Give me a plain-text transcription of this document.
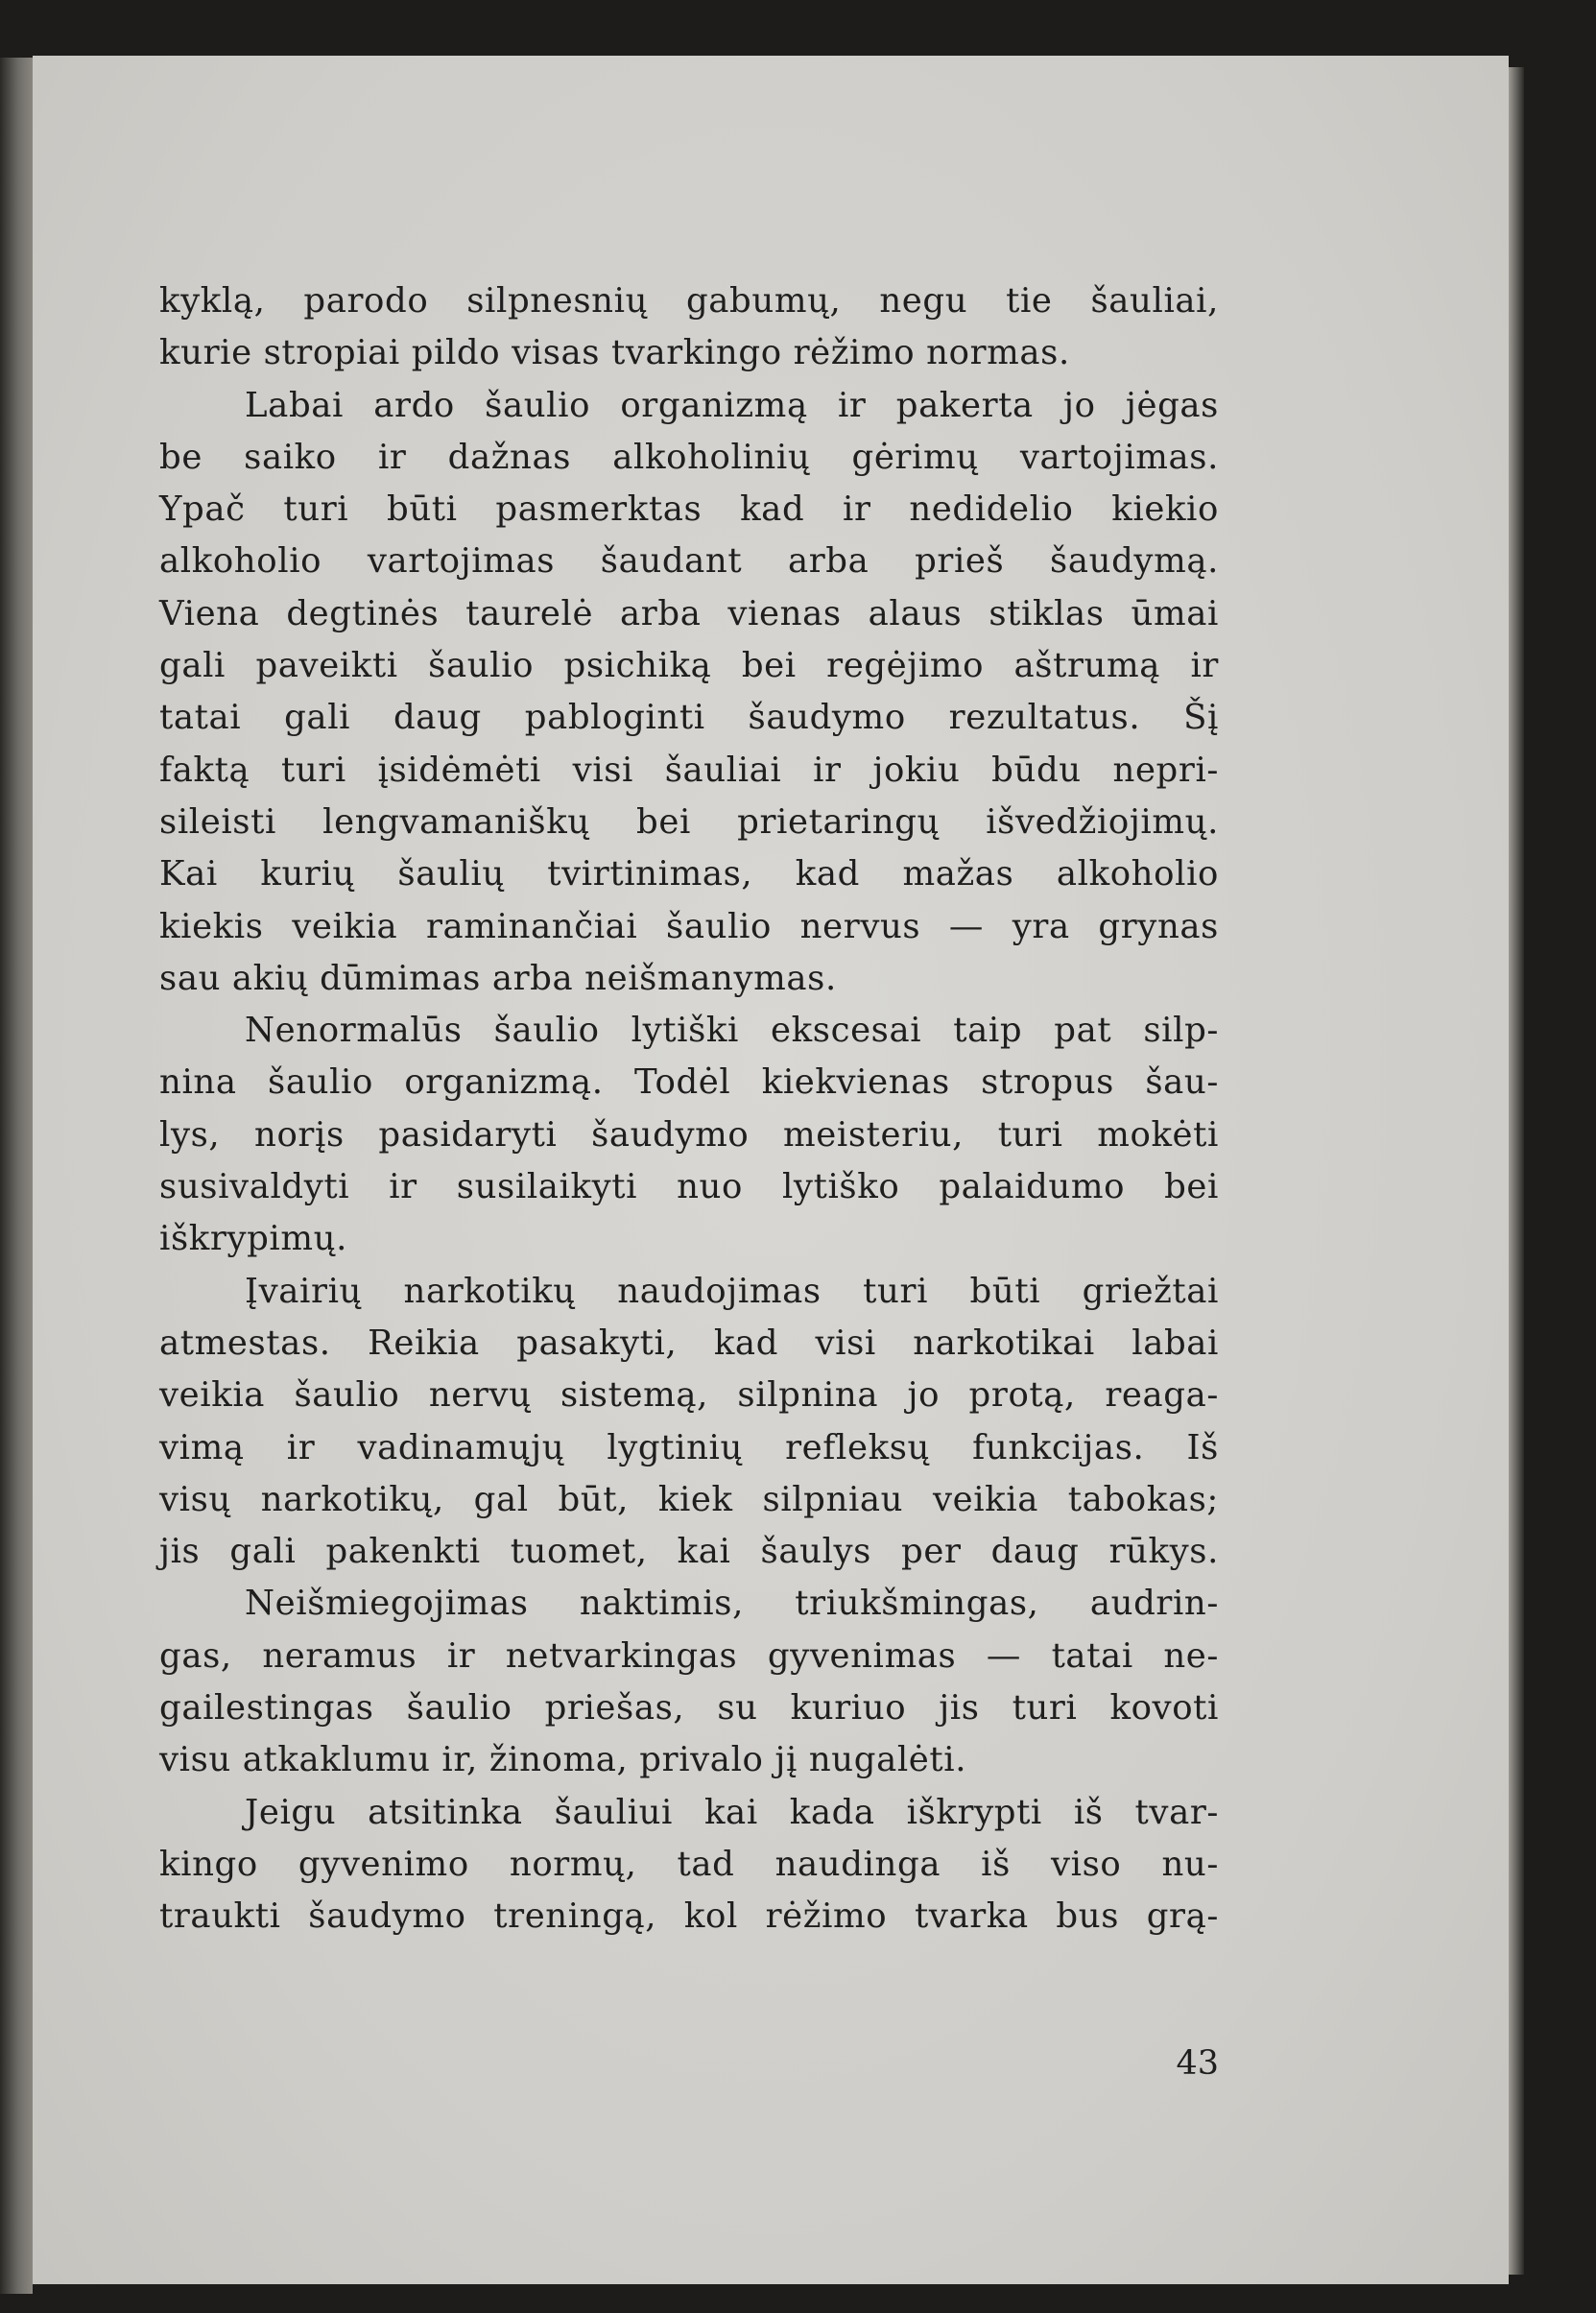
kyklą, parodo silpnesnių gabumų, negu tie šauliai,
kurie stropiai pildo visas tvarkingo rėžimo normas.
Labai ardo šaulio organizmą ir pakerta jo jėgas
be saiko ir dažnas alkoholinių gėrimų vartojimas.
Ypač turi būti pasmerktas kad ir nedidelio kiekio
alkoholio vartojimas šaudant arba prieš šaudymą.
Viena degtinės taurelė arba vienas alaus stiklas ūmai
gali paveikti šaulio psichiką bei regėjimo aštrumą ir
tatai gali daug pabloginti šaudymo rezultatus. Šį
faktą turi įsidėmėti visi šauliai ir jokiu būdu nepri-
sileisti lengvamaniškų bei prietaringų išvedžiojimų.
Kai kurių šaulių tvirtinimas, kad mažas alkoholio
kiekis veikia raminančiai šaulio nervus — yra grynas
sau akių dūmimas arba neišmanymas.
Nenormalūs šaulio lytiški ekscesai taip pat silp-
nina šaulio organizmą. Todėl kiekvienas stropus šau-
lys, norįs pasidaryti šaudymo meisteriu, turi mokėti
susivaldyti ir susilaikyti nuo lytiško palaidumo bei
iškrypimų.
Įvairių narkotikų naudojimas turi būti griežtai
atmestas. Reikia pasakyti, kad visi narkotikai labai
veikia šaulio nervų sistemą, silpnina jo protą, reaga-
vimą ir vadinamųjų lygtinių refleksų funkcijas. Iš
visų narkotikų, gal būt, kiek silpniau veikia tabokas;
jis gali pakenkti tuomet, kai šaulys per daug rūkys.
Neišmiegojimas naktimis, triukšmingas, audrin-
gas, neramus ir netvarkingas gyvenimas — tatai ne-
gailestingas šaulio priešas, su kuriuo jis turi kovoti
visu atkaklumu ir, žinoma, privalo jį nugalėti.
Jeigu atsitinka šauliui kai kada iškrypti iš tvar-
kingo gyvenimo normų, tad naudinga iš viso nu-
traukti šaudymo treningą, kol rėžimo tvarka bus grą-
43
